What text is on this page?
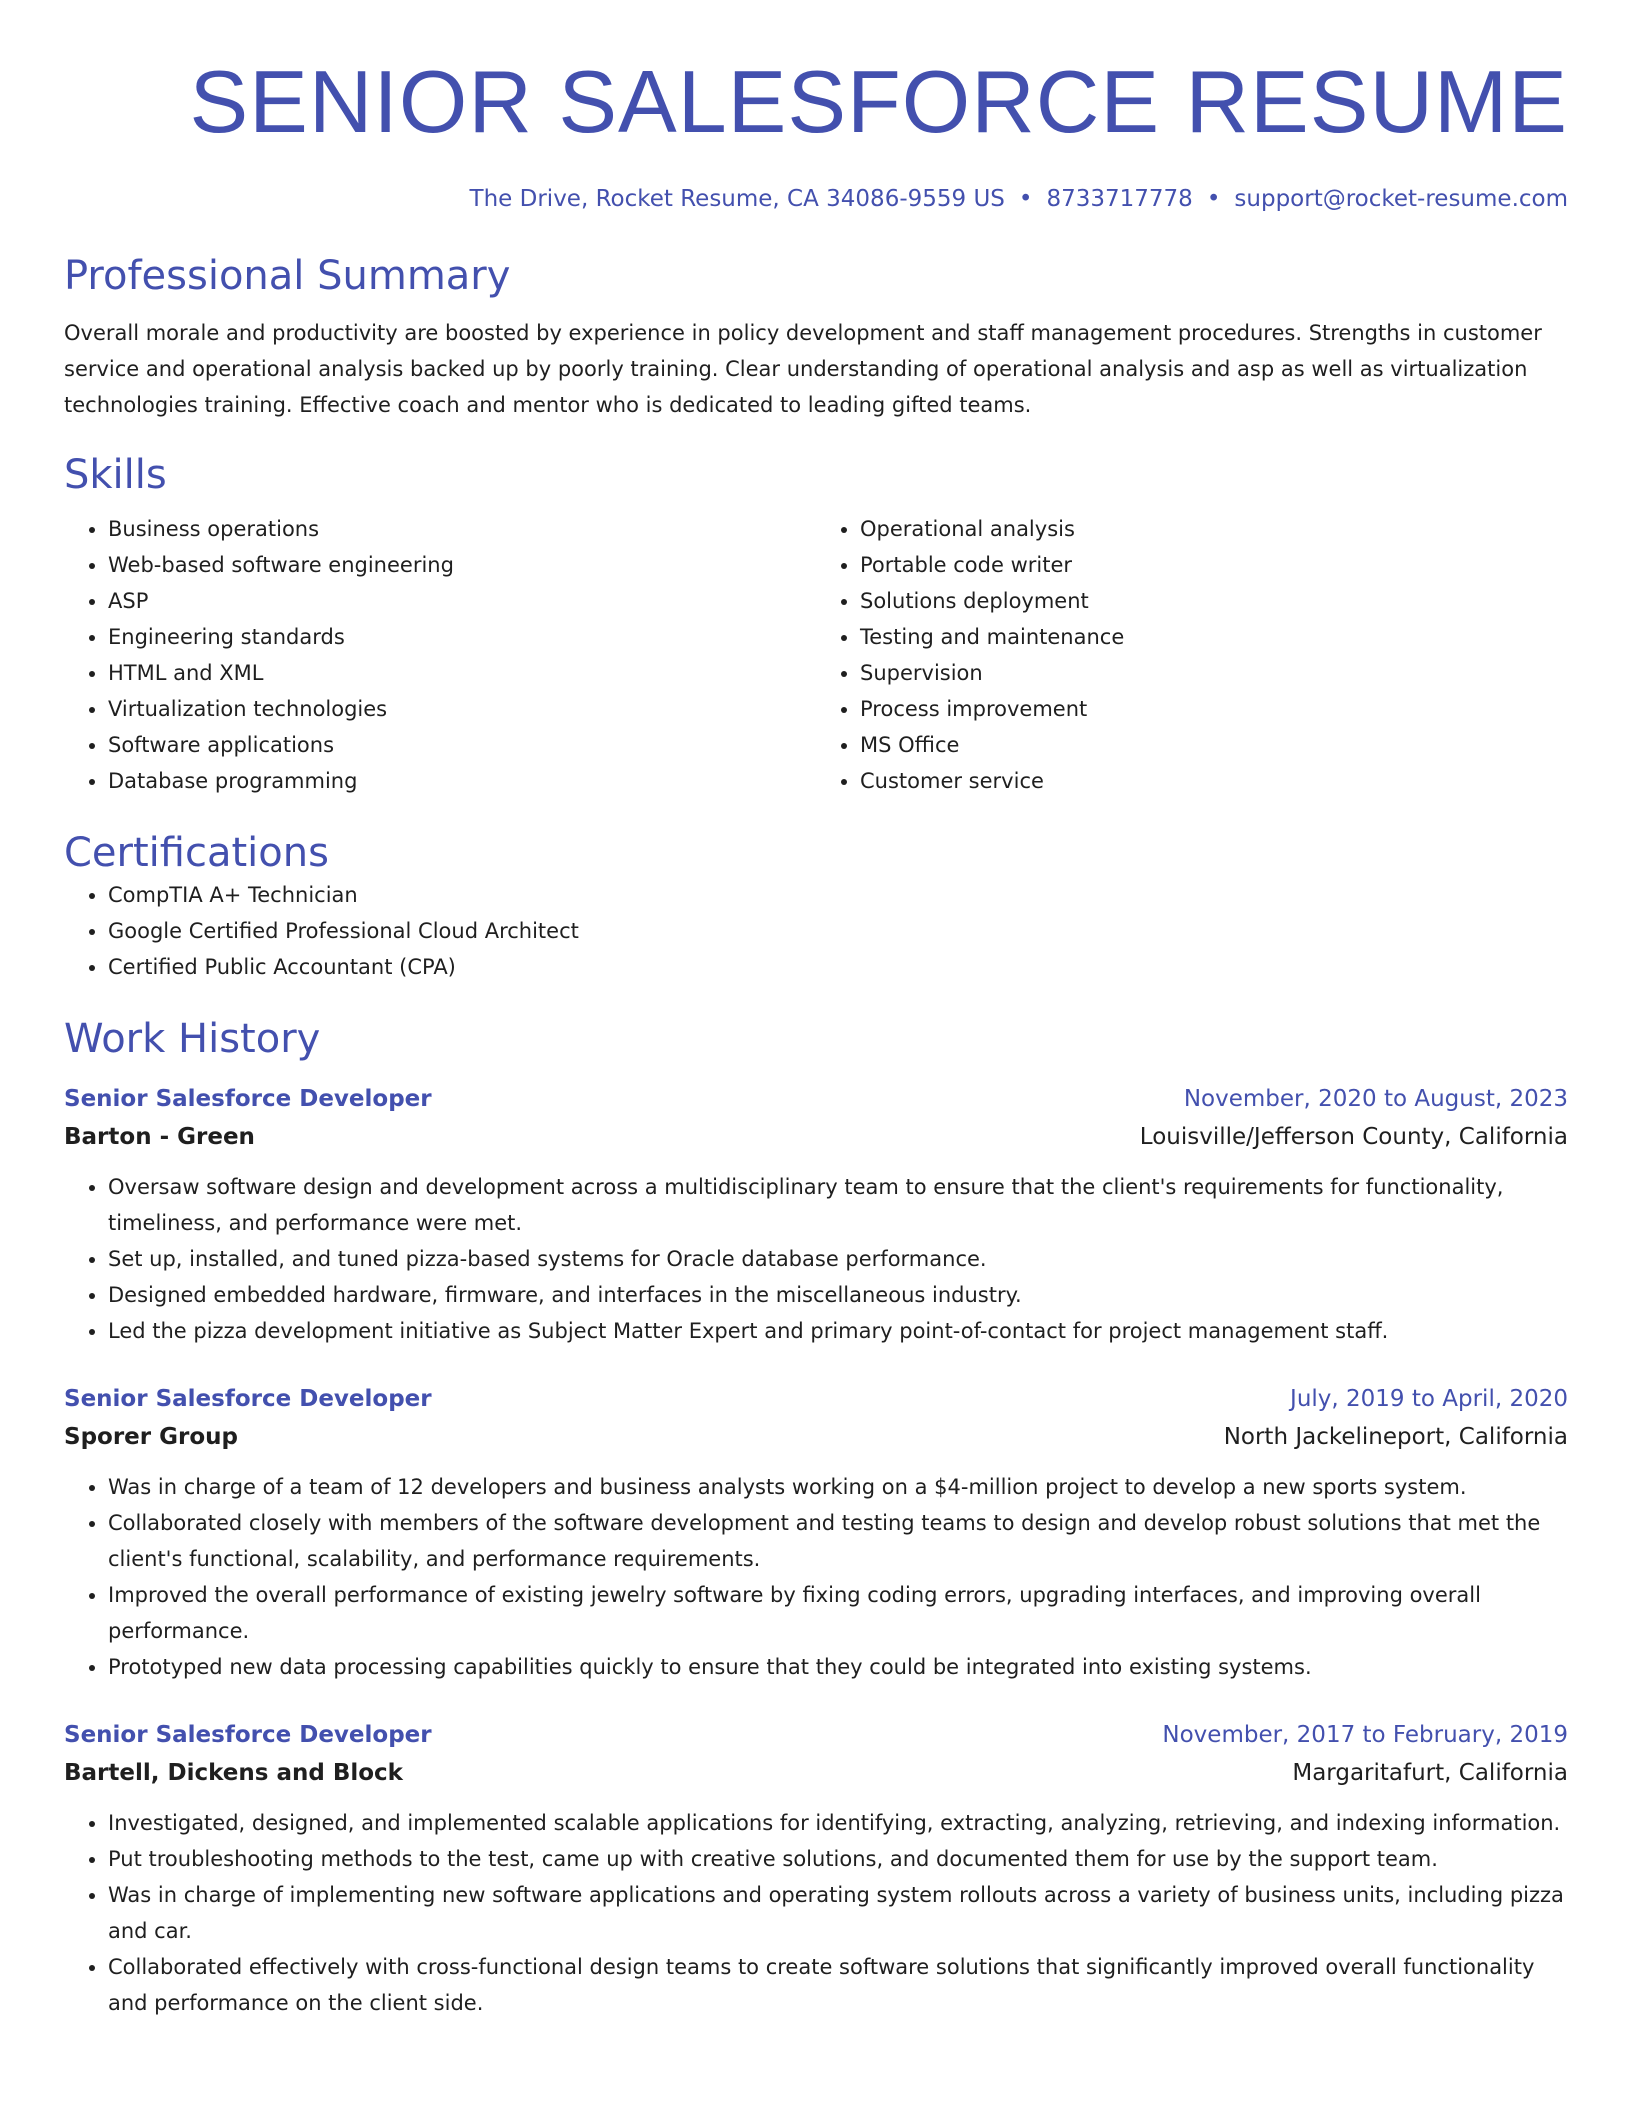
SENIOR SALESFORCE RESUME
The Drive, Rocket Resume, CA 34086-9559 US • 8733717778 • support@rocket-resume.com
Professional Summary
Overall morale and productivity are boosted by experience in policy development and staff management procedures. Strengths in customer service and operational analysis backed up by poorly training. Clear understanding of operational analysis and asp as well as virtualization technologies training. Effective coach and mentor who is dedicated to leading gifted teams.
Skills
• Business operations
• Web-based software engineering
• ASP
• Engineering standards
• HTML and XML
• Virtualization technologies
• Software applications
• Database programming
• Operational analysis
• Portable code writer
• Solutions deployment
• Testing and maintenance
• Supervision
• Process improvement
• MS Office
• Customer service
Certifications
• CompTIA A+ Technician
• Google Certified Professional Cloud Architect
• Certified Public Accountant (CPA)
Work History
Senior Salesforce Developer	November, 2020 to August, 2023
Barton - Green	Louisville/Jefferson County, California
• Oversaw software design and development across a multidisciplinary team to ensure that the client's requirements for functionality, timeliness, and performance were met.
• Set up, installed, and tuned pizza-based systems for Oracle database performance.
• Designed embedded hardware, firmware, and interfaces in the miscellaneous industry.
• Led the pizza development initiative as Subject Matter Expert and primary point-of-contact for project management staff.
Senior Salesforce Developer	July, 2019 to April, 2020
Sporer Group	North Jackelineport, California
• Was in charge of a team of 12 developers and business analysts working on a $4-million project to develop a new sports system.
• Collaborated closely with members of the software development and testing teams to design and develop robust solutions that met the client's functional, scalability, and performance requirements.
• Improved the overall performance of existing jewelry software by fixing coding errors, upgrading interfaces, and improving overall performance.
• Prototyped new data processing capabilities quickly to ensure that they could be integrated into existing systems.
Senior Salesforce Developer	November, 2017 to February, 2019
Bartell, Dickens and Block	Margaritafurt, California
• Investigated, designed, and implemented scalable applications for identifying, extracting, analyzing, retrieving, and indexing information.
• Put troubleshooting methods to the test, came up with creative solutions, and documented them for use by the support team.
• Was in charge of implementing new software applications and operating system rollouts across a variety of business units, including pizza and car.
• Collaborated effectively with cross-functional design teams to create software solutions that significantly improved overall functionality and performance on the client side.
